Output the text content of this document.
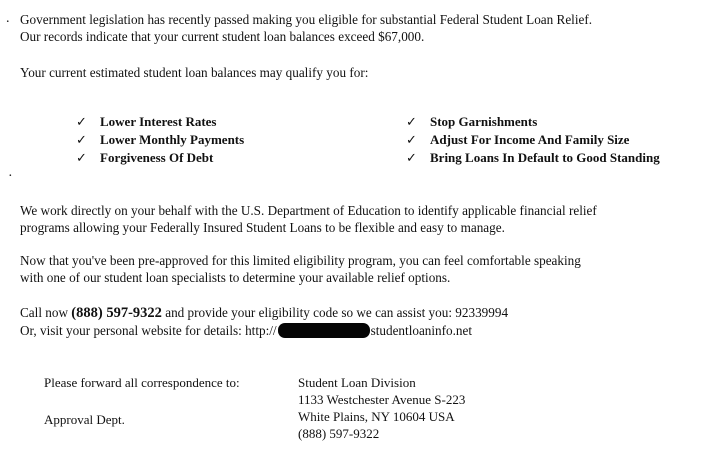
.
·

Government legislation has recently passed making you eligible for substantial Federal Student Loan Relief.
Our records indicate that your current student loan balances exceed $67,000.

Your current estimated student loan balances may qualify you for:

✓	Lower Interest Rates
✓	Lower Monthly Payments
✓	Forgiveness Of Debt
✓	Stop Garnishments
✓	Adjust For Income And Family Size
✓	Bring Loans In Default to Good Standing

We work directly on your behalf with the U.S. Department of Education to identify applicable financial relief
programs allowing your Federally Insured Student Loans to be flexible and easy to manage.

Now that you've been pre-approved for this limited eligibility program, you can feel comfortable speaking
with one of our student loan specialists to determine your available relief options.

Call now (888) 597-9322 and provide your eligibility code so we can assist you: 92339994

Or, visit your personal website for details: http://	studentloaninfo.net

Please forward all correspondence to:
Approval Dept.
Student Loan Division
1133 Westchester Avenue S-223
White Plains, NY 10604 USA
(888) 597-9322
